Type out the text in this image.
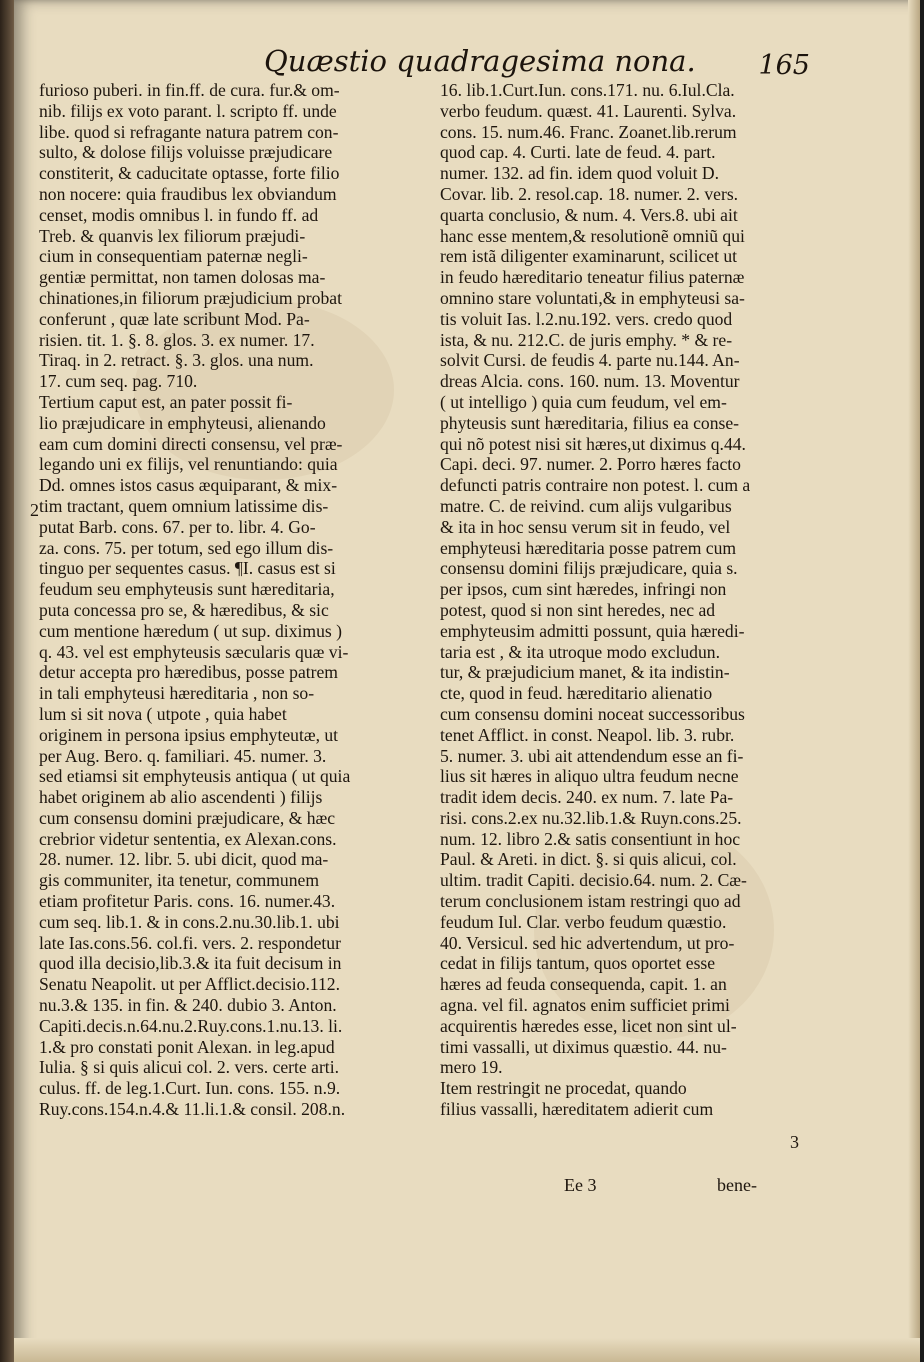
Quæstio quadragesima nona.	165
furioso puberi. in fin.ff. de cura. fur.& om-
nib. filijs ex voto parant. l. scripto ff. unde
libe. quod si refragante natura patrem con-
sulto, & dolose filijs voluisse præjudicare
constiterit, & caducitate optasse, forte filio
non nocere: quia fraudibus lex obviandum
censet, modis omnibus l. in fundo ff. ad
Treb. & quanvis lex filiorum præjudi-
cium in consequentiam paternæ negli-
gentiæ permittat, non tamen dolosas ma-
chinationes,in filiorum præjudicium probat
conferunt , quæ late scribunt Mod. Pa-
risien. tit. 1. §. 8. glos. 3. ex numer. 17.
Tiraq. in 2. retract. §. 3. glos. una num.
17. cum seq. pag. 710.
Tertium caput est, an pater possit fi-
lio præjudicare in emphyteusi, alienando
eam cum domini directi consensu, vel præ-
legando uni ex filijs, vel renuntiando: quia
Dd. omnes istos casus æquiparant, & mix-
tim tractant, quem omnium latissime dis-
putat Barb. cons. 67. per to. libr. 4. Go-
za. cons. 75. per totum, sed ego illum dis-
tinguo per sequentes casus. ¶I. casus est si
feudum seu emphyteusis sunt hæreditaria,
puta concessa pro se, & hæredibus, & sic
cum mentione hæredum ( ut sup. diximus )
q. 43. vel est emphyteusis sæcularis quæ vi-
detur accepta pro hæredibus, posse patrem
in tali emphyteusi hæreditaria , non so-
lum si sit nova ( utpote , quia habet
originem in persona ipsius emphyteutæ, ut
per Aug. Bero. q. familiari. 45. numer. 3.
sed etiamsi sit emphyteusis antiqua ( ut quia
habet originem ab alio ascendenti ) filijs
cum consensu domini præjudicare, & hæc
crebrior videtur sententia, ex Alexan.cons.
28. numer. 12. libr. 5. ubi dicit, quod ma-
gis communiter, ita tenetur, communem
etiam profitetur Paris. cons. 16. numer.43.
cum seq. lib.1. & in cons.2.nu.30.lib.1. ubi
late Ias.cons.56. col.fi. vers. 2. respondetur
quod illa decisio,lib.3.& ita fuit decisum in
Senatu Neapolit. ut per Afflict.decisio.112.
nu.3.& 135. in fin. & 240. dubio 3. Anton.
Capiti.decis.n.64.nu.2.Ruy.cons.1.nu.13. li.
1.& pro constati ponit Alexan. in leg.apud
Iulia. § si quis alicui col. 2. vers. certe arti.
culus. ff. de leg.1.Curt. Iun. cons. 155. n.9.
Ruy.cons.154.n.4.& 11.li.1.& consil. 208.n.
16. lib.1.Curt.Iun. cons.171. nu. 6.Iul.Cla.
verbo feudum. quæst. 41. Laurenti. Sylva.
cons. 15. num.46. Franc. Zoanet.lib.rerum
quod cap. 4. Curti. late de feud. 4. part.
numer. 132. ad fin. idem quod voluit D.
Covar. lib. 2. resol.cap. 18. numer. 2. vers.
quarta conclusio, & num. 4. Vers.8. ubi ait
hanc esse mentem,& resolutionẽ omniũ qui
rem istã diligenter examinarunt, scilicet ut
in feudo hæreditario teneatur filius paternæ
omnino stare voluntati,& in emphyteusi sa-
tis voluit Ias. l.2.nu.192. vers. credo quod
ista, & nu. 212.C. de juris emphy. * & re-
solvit Cursi. de feudis 4. parte nu.144. An-
dreas Alcia. cons. 160. num. 13. Moventur
( ut intelligo ) quia cum feudum, vel em-
phyteusis sunt hæreditaria, filius ea conse-
qui nõ potest nisi sit hæres,ut diximus q.44.
Capi. deci. 97. numer. 2. Porro hæres facto
defuncti patris contraire non potest. l. cum a
matre. C. de reivind. cum alijs vulgaribus
& ita in hoc sensu verum sit in feudo, vel
emphyteusi hæreditaria posse patrem cum
consensu domini filijs præjudicare, quia s.
per ipsos, cum sint hæredes, infringi non
potest, quod si non sint heredes, nec ad
emphyteusim admitti possunt, quia hæredi-
taria est , & ita utroque modo excludun.
tur, & præjudicium manet, & ita indistin-
cte, quod in feud. hæreditario alienatio
cum consensu domini noceat successoribus
tenet Afflict. in const. Neapol. lib. 3. rubr.
5. numer. 3. ubi ait attendendum esse an fi-
lius sit hæres in aliquo ultra feudum necne
tradit idem decis. 240. ex num. 7. late Pa-
risi. cons.2.ex nu.32.lib.1.& Ruyn.cons.25.
num. 12. libro 2.& satis consentiunt in hoc
Paul. & Areti. in dict. §. si quis alicui, col.
ultim. tradit Capiti. decisio.64. num. 2. Cæ-
terum conclusionem istam restringi quo ad
feudum Iul. Clar. verbo feudum quæstio.
40. Versicul. sed hic advertendum, ut pro-
cedat in filijs tantum, quos oportet esse
hæres ad feuda consequenda, capit. 1. an
agna. vel fil. agnatos enim sufficiet primi
acquirentis hæredes esse, licet non sint ul-
timi vassalli, ut diximus quæstio. 44. nu-
mero 19.
Item restringit ne procedat, quando
filius vassalli, hæreditatem adierit cum
2
3
Ee 3	bene-
